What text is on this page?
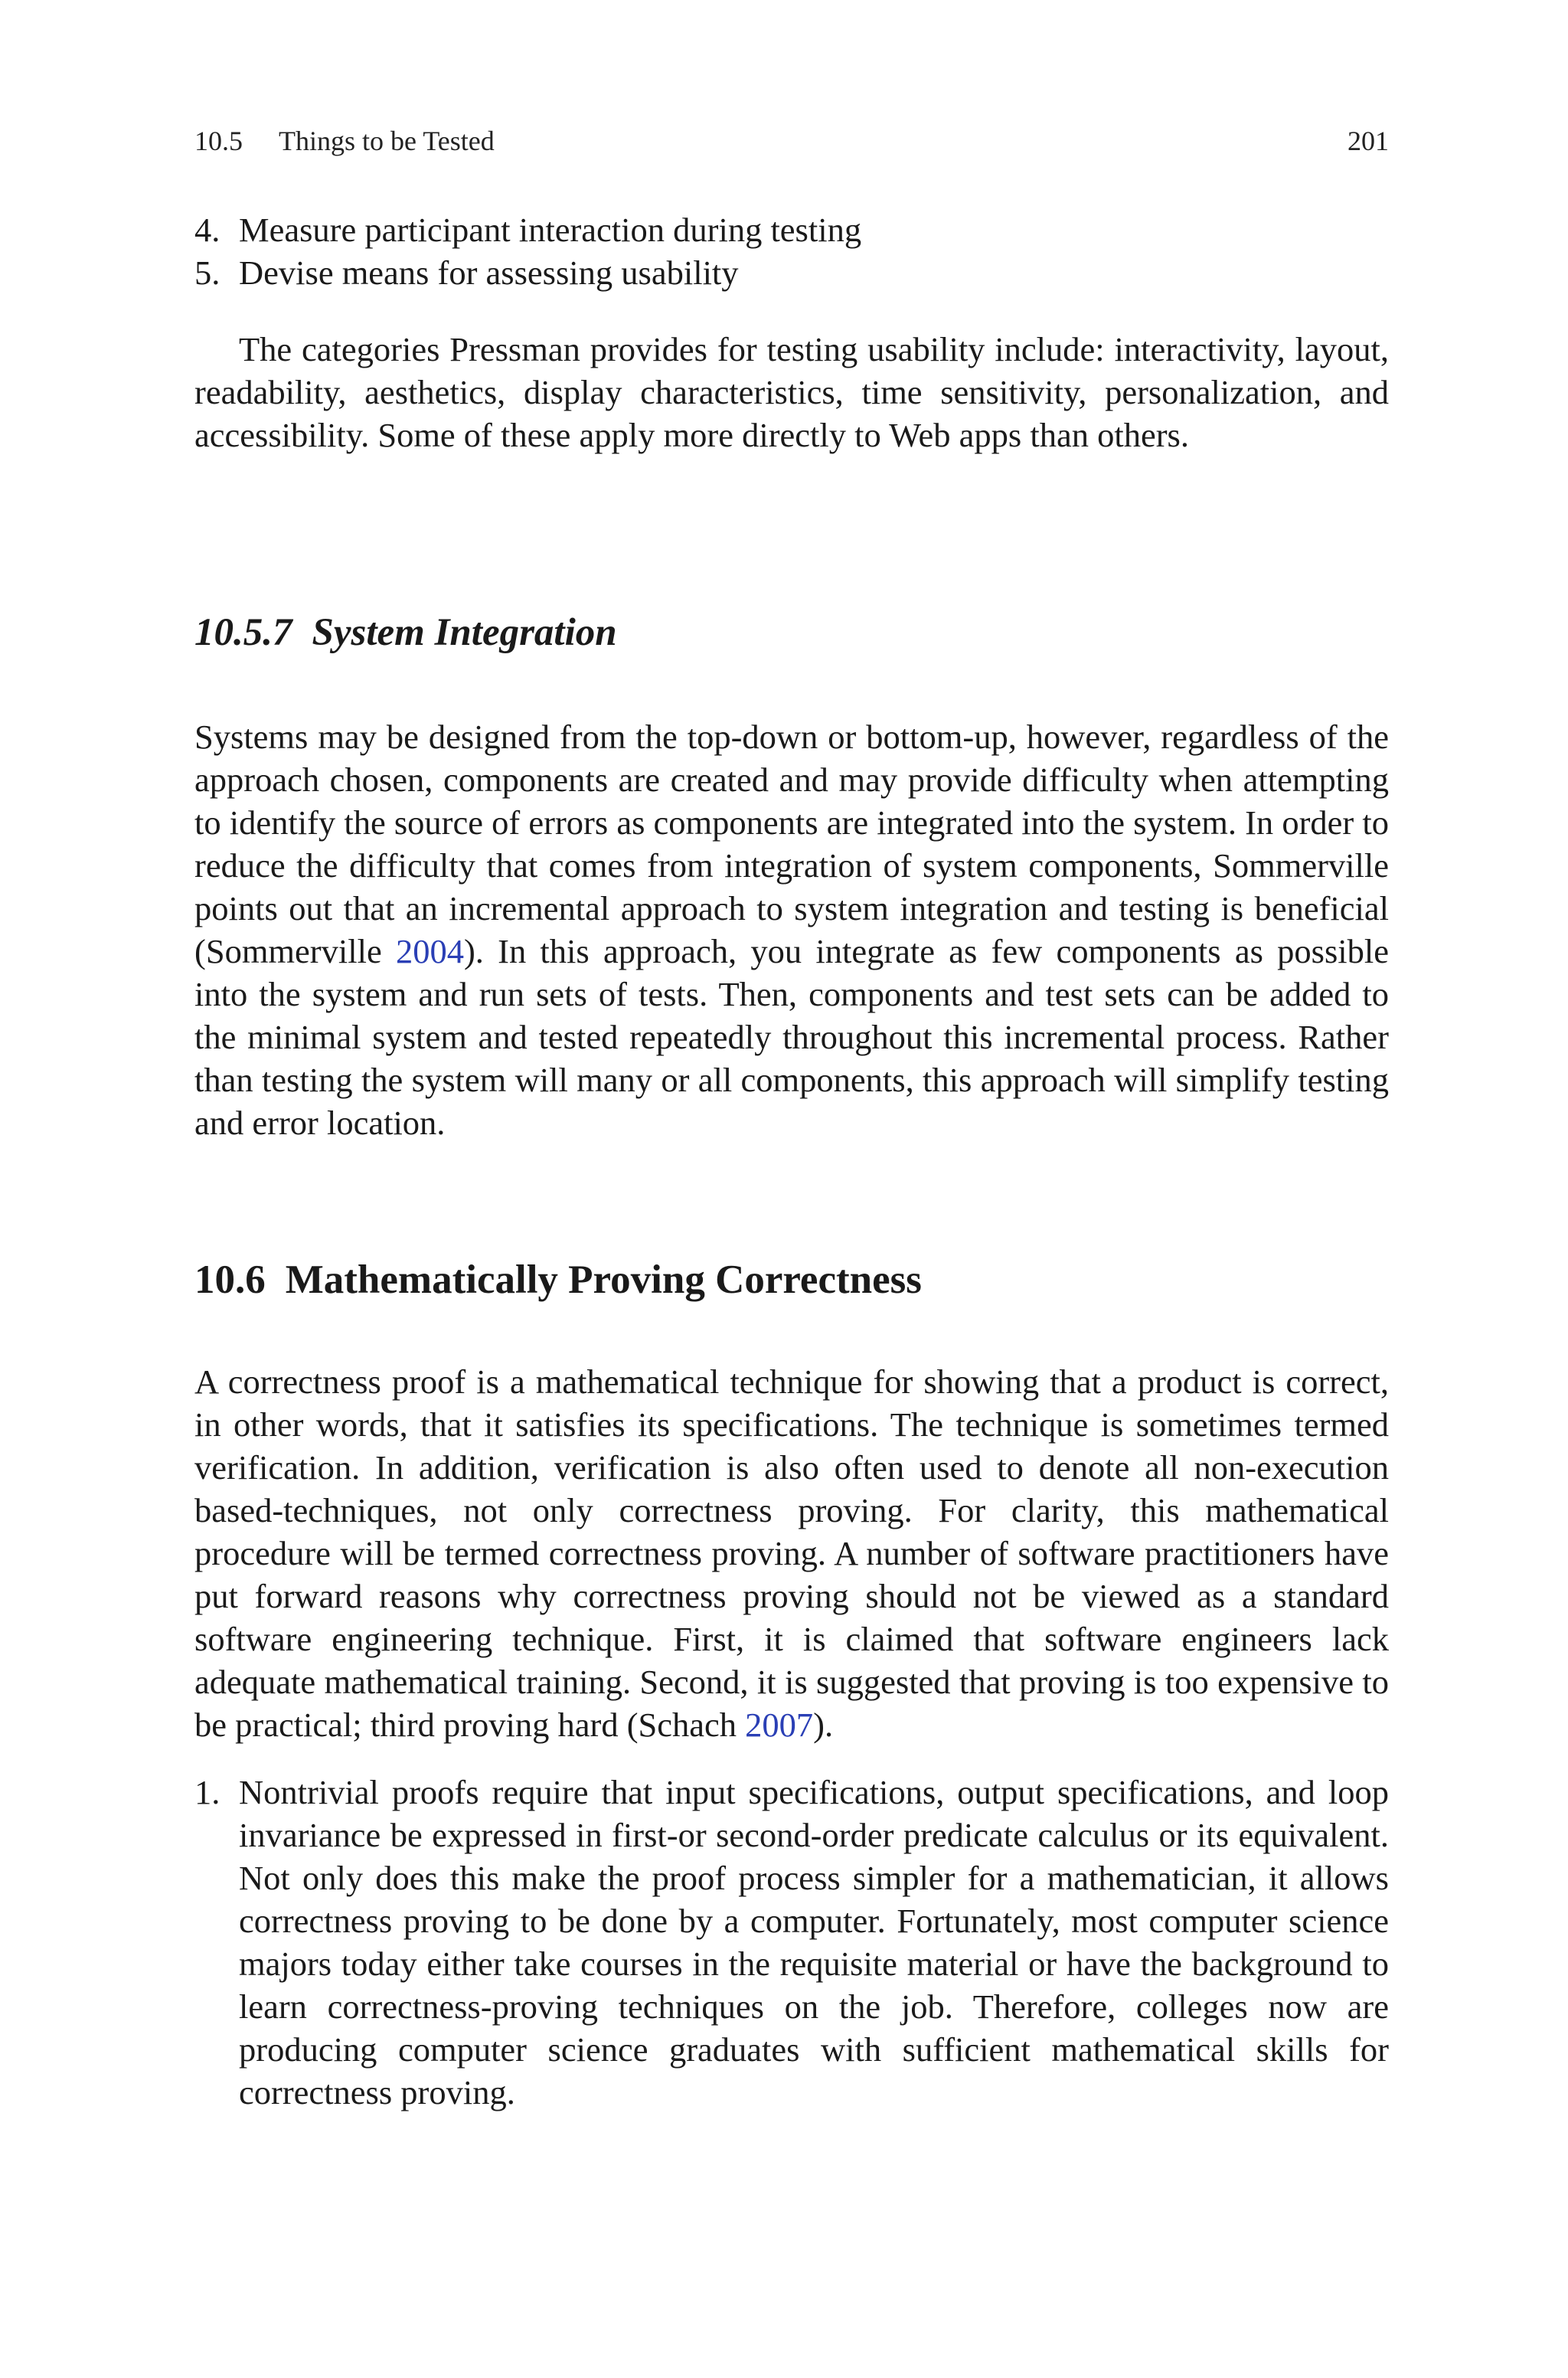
10.5 Things to be Tested	201
4. Measure participant interaction during testing
5. Devise means for assessing usability

The categories Pressman provides for testing usability include: interactivity, layout, readability, aesthetics, display characteristics, time sensitivity, personalization, and accessibility. Some of these apply more directly to Web apps than others.

10.5.7 System Integration

Systems may be designed from the top-down or bottom-up, however, regardless of the approach chosen, components are created and may provide difficulty when attempting to identify the source of errors as components are integrated into the system. In order to reduce the difficulty that comes from integration of system components, Sommerville points out that an incremental approach to system integration and testing is beneficial (Sommerville 2004). In this approach, you integrate as few components as possible into the system and run sets of tests. Then, components and test sets can be added to the minimal system and tested repeatedly throughout this incremental process. Rather than testing the system will many or all components, this approach will simplify testing and error location.

10.6 Mathematically Proving Correctness

A correctness proof is a mathematical technique for showing that a product is correct, in other words, that it satisfies its specifications. The technique is sometimes termed verification. In addition, verification is also often used to denote all non-execution based-techniques, not only correctness proving. For clarity, this mathematical procedure will be termed correctness proving. A number of software practitioners have put forward reasons why correctness proving should not be viewed as a standard software engineering technique. First, it is claimed that software engineers lack adequate mathematical training. Second, it is suggested that proving is too expensive to be practical; third proving hard (Schach 2007).

1. Nontrivial proofs require that input specifications, output specifications, and loop invariance be expressed in first-or second-order predicate calculus or its equivalent. Not only does this make the proof process simpler for a mathematician, it allows correctness proving to be done by a computer. Fortunately, most computer science majors today either take courses in the requisite material or have the background to learn correctness-proving techniques on the job. Therefore, colleges now are producing computer science graduates with sufficient mathematical skills for correctness proving.
